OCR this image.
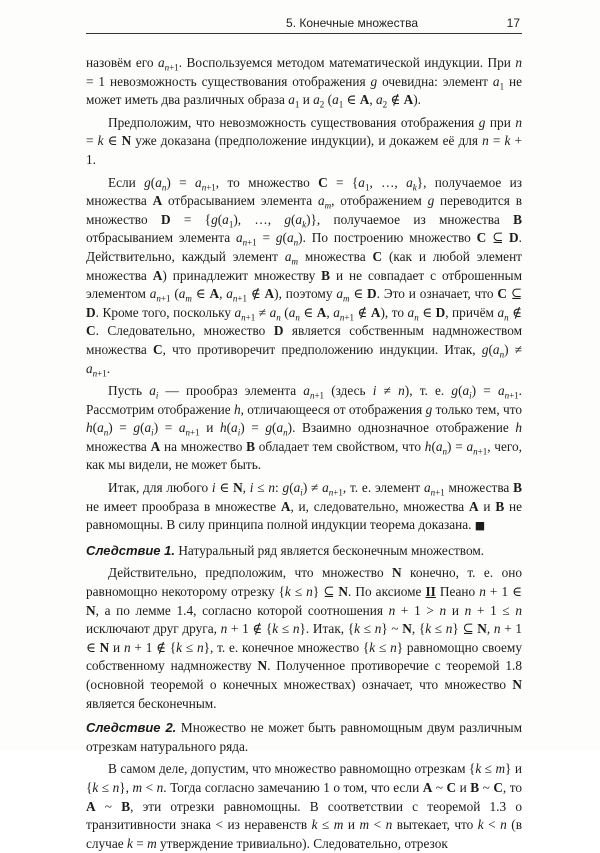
5. Конечные множества	17

назовём его $a_{n+1}$. Воспользуемся методом математической индукции. При n = 1 невозможность существования отображения g очевидна: элемент $a_1$ не может иметь два различных образа $a_1$ и $a_2$ ($a_1$ ∈ A, $a_2$ ∉ A).

Предположим, что невозможность существования отображения g при n = k ∈ N уже доказана (предположение индукции), и докажем её для n = k + 1.

Если $g(a_n) = a_{n+1}$, то множество $C = \{a_1$, …, $a_k$}, получаемое из множества A отбрасыванием элемента $a_m$, отображением g переводится в множество $D = \{g(a_1)$, …, $g(a_k)$}, получаемое из множества B отбрасыванием элемента $a_{n+1} = g(a_n)$. По построению множество C ⊆ D. Действительно, каждый элемент $a_m$ множества C (как и любой элемент множества A) принадлежит множеству B и не совпадает с отброшенным элементом $a_{n+1}$ ($a_m$ ∈ A, $a_{n+1}$ ∉ A), поэтому $a_m$ ∈ D. Это и означает, что C ⊆ D. Кроме того, поскольку $a_{n+1} \ne a_n$ ($a_n$ ∈ A, $a_{n+1}$ ∉ A), то $a_n$ ∈ D, причём $a_n$ ∉ C. Следовательно, множество D является собственным надмножеством множества C, что противоречит предположению индукции. Итак, $g(a_n) \ne a_{n+1}$.

Пусть $a_i$ — прообраз элемента $a_{n+1}$ (здесь i ≠ n), т. е. $g(a_i) = a_{n+1}$. Рассмотрим отображение h, отличающееся от отображения g только тем, что $h(a_n) = g(a_i) = a_{n+1}$ и $h(a_i) = g(a_n)$. Взаимно однозначное отображение h множества A на множество B обладает тем свойством, что $h(a_n) = a_{n+1}$, чего, как мы видели, не может быть.

Итак, для любого i ∈ N, i ≤ n: $g(a_i) \ne a_{n+1}$, т. е. элемент $a_{n+1}$ множества B не имеет прообраза в множестве A, и, следовательно, множества A и B не равномощны. В силу принципа полной индукции теорема доказана. ■

Следствие 1. Натуральный ряд является бесконечным множеством.

Действительно, предположим, что множество N конечно, т. е. оно равномощно некоторому отрезку {k ≤ n} ⊆ N. По аксиоме II Пеано n + 1 ∈ N, а по лемме 1.4, согласно которой соотношения n + 1 > n и n + 1 ≤ n исключают друг друга, n + 1 ∉ {k ≤ n}. Итак, {k ≤ n} ~ N, {k ≤ n} ⊆ N, n + 1 ∈ N и n + 1 ∉ {k ≤ n}, т. е. конечное множество {k ≤ n} равномощно своему собственному надмножеству N. Полученное противоречие с теоремой 1.8 (основной теоремой о конечных множествах) означает, что множество N является бесконечным.

Следствие 2. Множество не может быть равномощным двум различным отрезкам натурального ряда.

В самом деле, допустим, что множество равномощно отрезкам {k ≤ m} и {k ≤ n}, m < n. Тогда согласно замечанию 1 о том, что если A ~ C и B ~ C, то A ~ B, эти отрезки равномощны. В соответствии с теоремой 1.3 о транзитивности знака < из неравенств k ≤ m и m < n вытекает, что k < n (в случае k = m утверждение тривиально). Следовательно, отрезок
